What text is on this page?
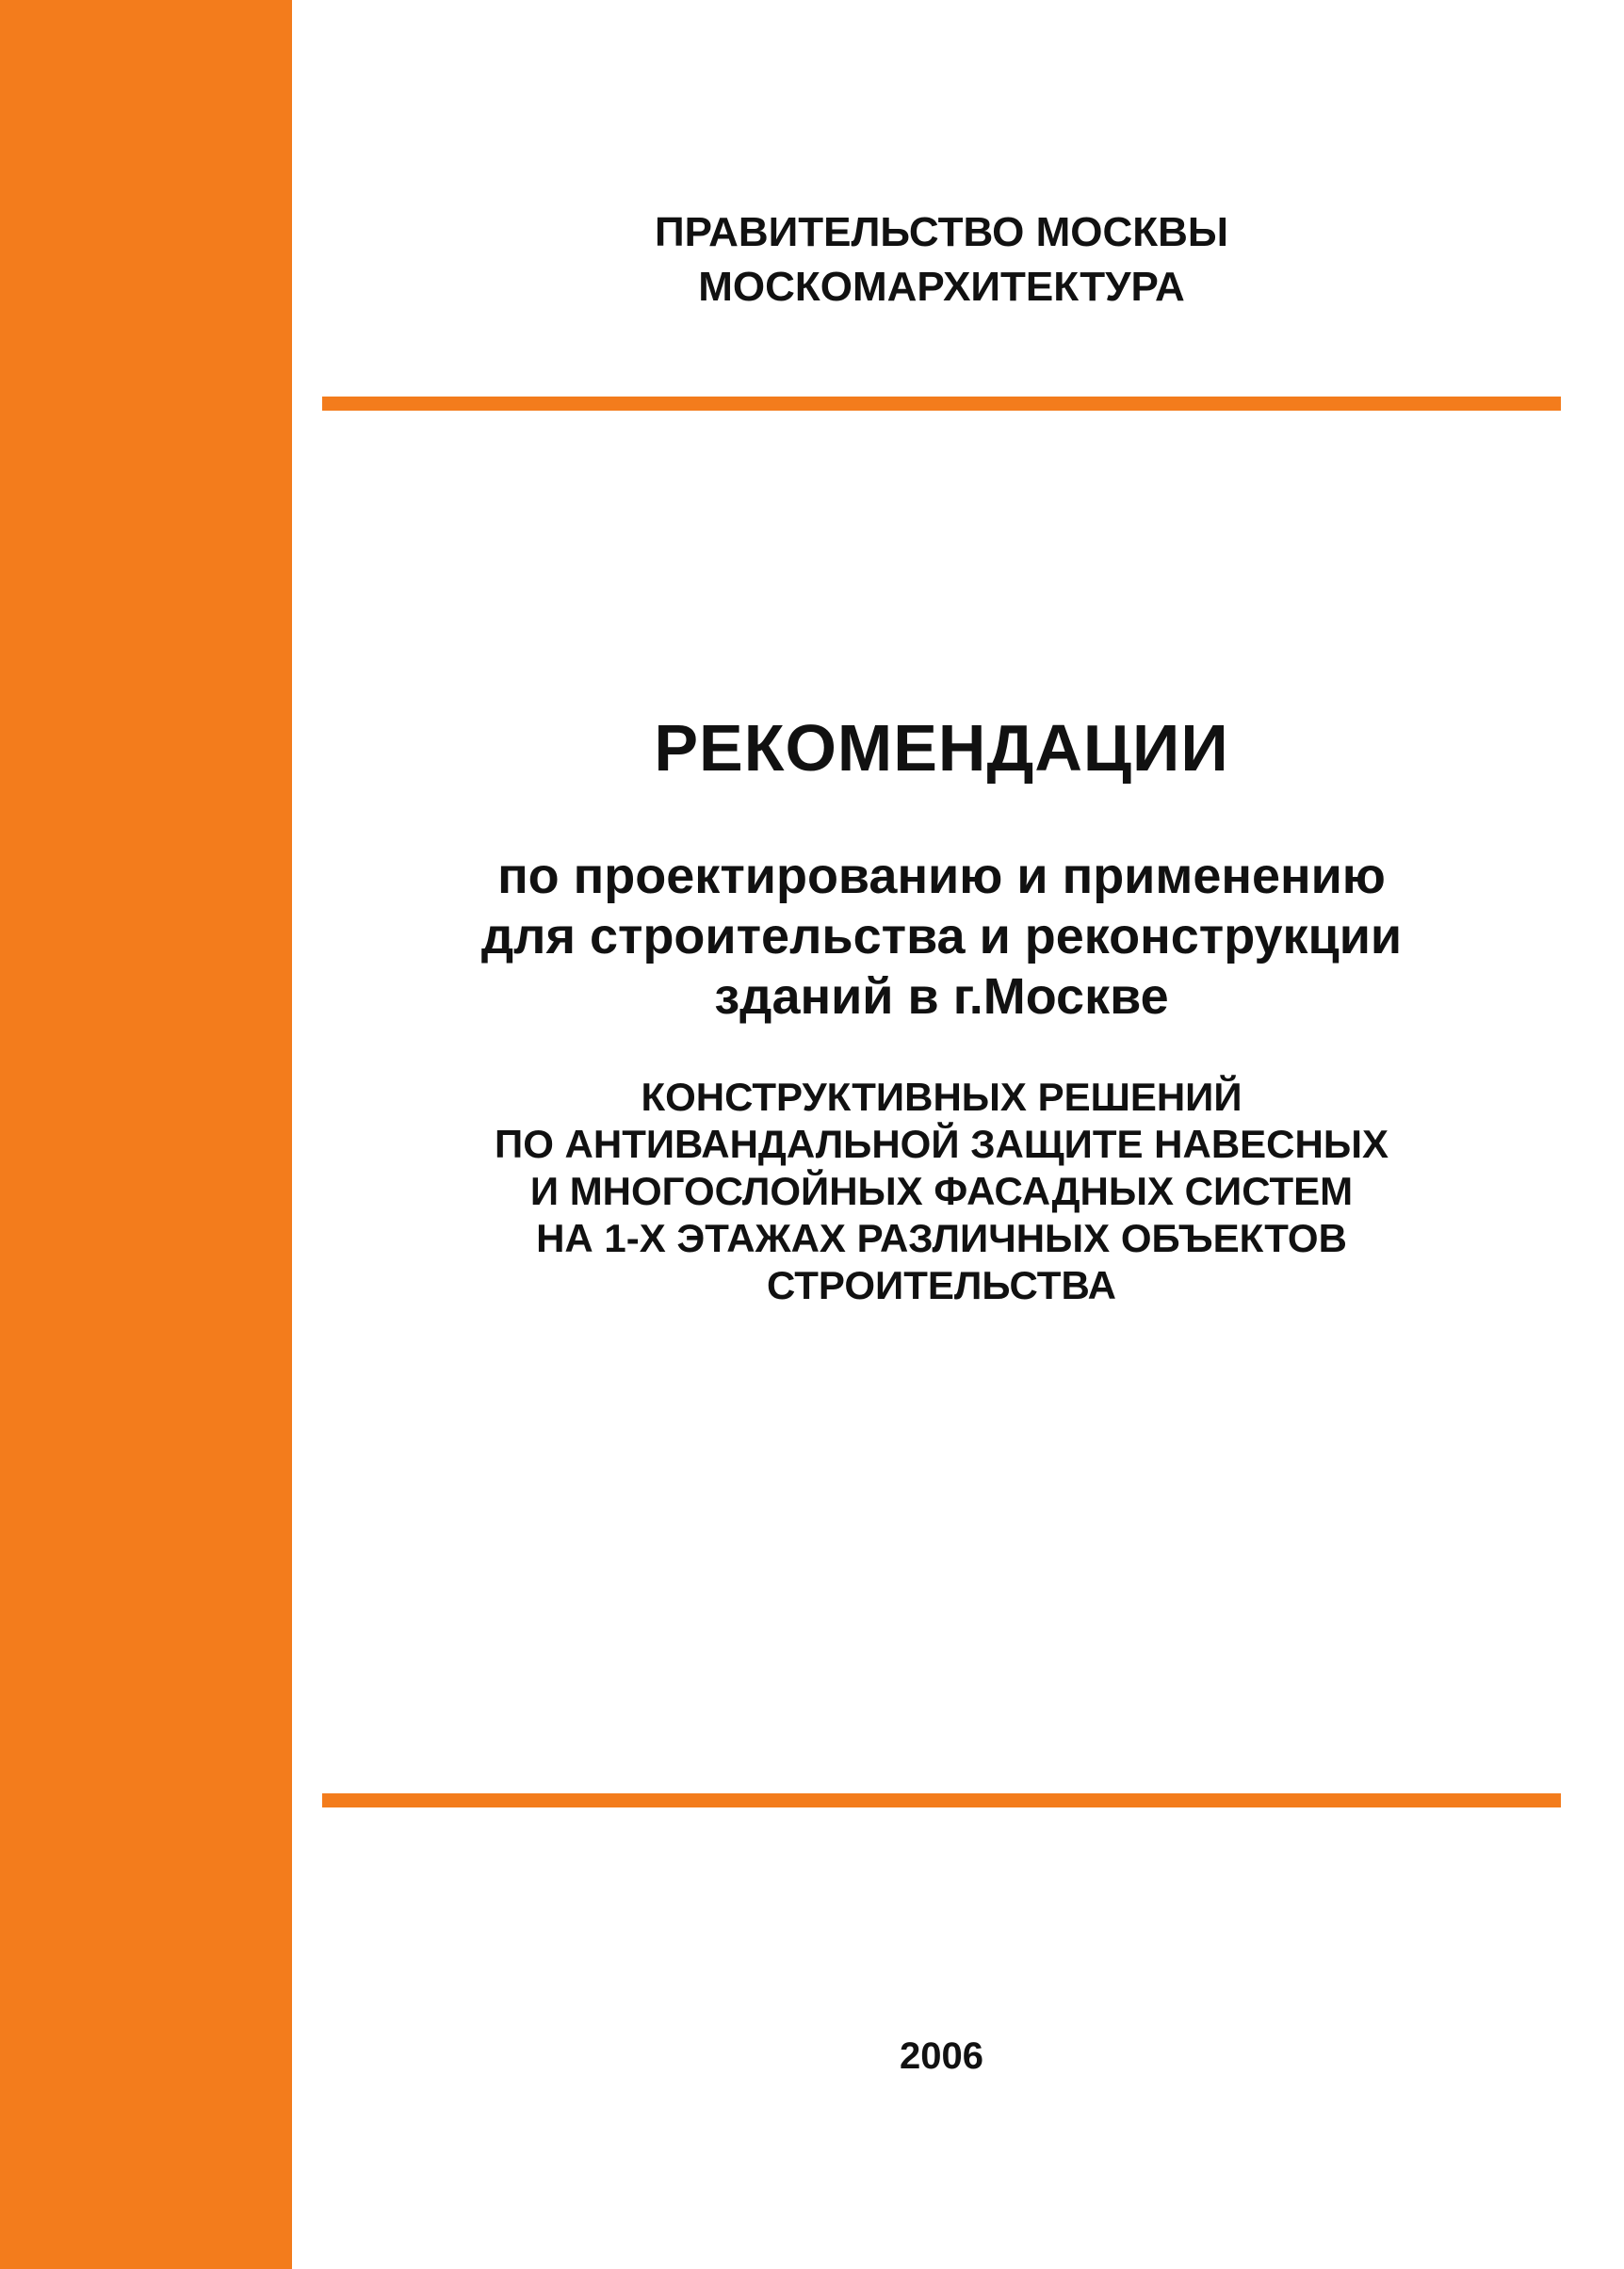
ПРАВИТЕЛЬСТВО МОСКВЫ
МОСКОМАРХИТЕКТУРА
РЕКОМЕНДАЦИИ
по проектированию и применению
для строительства и реконструкции
зданий в г.Москве
КОНСТРУКТИВНЫХ РЕШЕНИЙ
ПО АНТИВАНДАЛЬНОЙ ЗАЩИТЕ НАВЕСНЫХ
И МНОГОСЛОЙНЫХ ФАСАДНЫХ СИСТЕМ
НА 1-Х ЭТАЖАХ РАЗЛИЧНЫХ ОБЪЕКТОВ
СТРОИТЕЛЬСТВА
2006
